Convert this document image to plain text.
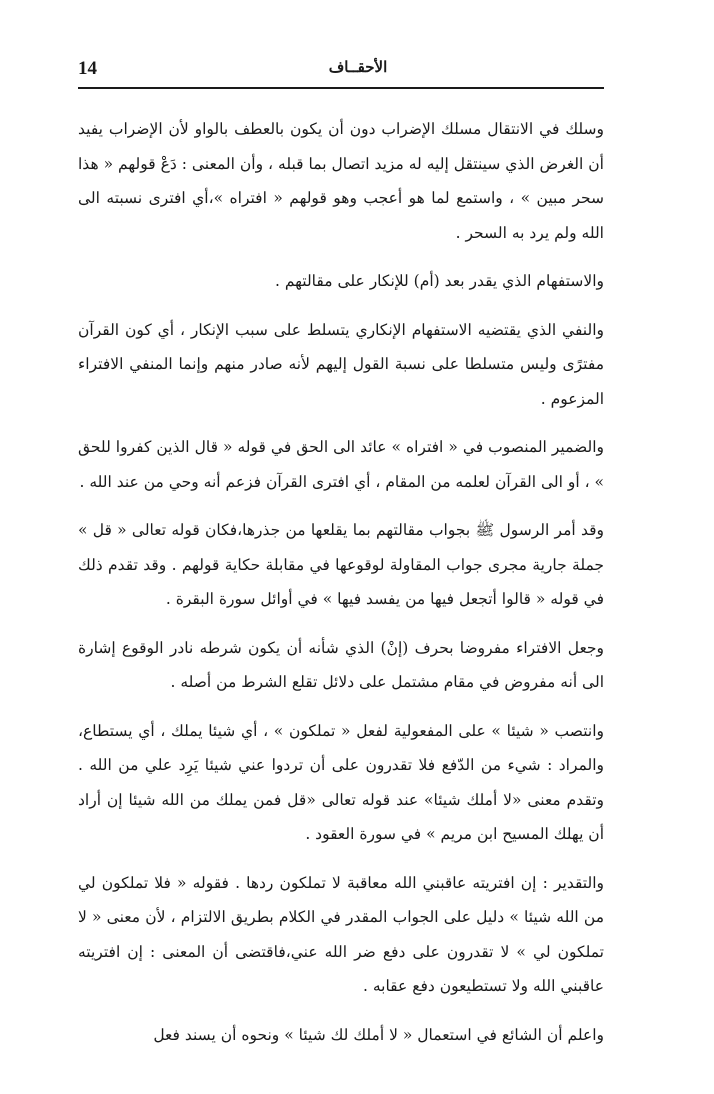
14	الأحقــاف

وسلك في الانتقال مسلك الإضراب دون أن يكون بالعطف بالواو لأن الإضراب يفيد أن الغرض الذي سينتقل إليه له مزيد اتصال بما قبله ، وأن المعنى : دَعْ قولهم « هذا سحر مبين » ، واستمع لما هو أعجب وهو قولهم « افتراه »،أي افترى نسبته الى الله ولم يرد به السحر .

والاستفهام الذي يقدر بعد (أم) للإنكار على مقالتهم .

والنفي الذي يقتضيه الاستفهام الإنكاري يتسلط على سبب الإنكار ، أي كون القرآن مفترًى وليس متسلطا على نسبة القول إليهم لأنه صادر منهم وإنما المنفي الافتراء المزعوم .

والضمير المنصوب في « افتراه » عائد الى الحق في قوله « قال الذين كفروا للحق » ، أو الى القرآن لعلمه من المقام ، أي افترى القرآن فزعم أنه وحي من عند الله .

وقد أمر الرسول ﷺ بجواب مقالتهم بما يقلعها من جذرها،فكان قوله تعالى « قل » جملة جارية مجرى جواب المقاولة لوقوعها في مقابلة حكاية قولهم . وقد تقدم ذلك في قوله « قالوا أتجعل فيها من يفسد فيها » في أوائل سورة البقرة .

وجعل الافتراء مفروضا بحرف (إنْ) الذي شأنه أن يكون شرطه نادر الوقوع إشارة الى أنه مفروض في مقام مشتمل على دلائل تقلع الشرط من أصله .

وانتصب « شيئا » على المفعولية لفعل « تملكون » ، أي شيئا يملك ، أي يستطاع، والمراد : شيء من الدّفع فلا تقدرون على أن تردوا عني شيئا يَرِد علي من الله . وتقدم معنى «لا أملك شيئا» عند قوله تعالى «قل فمن يملك من الله شيئا إن أراد أن يهلك المسيح ابن مريم » في سورة العقود .

والتقدير : إن افتريته عاقبني الله معاقبة لا تملكون ردها . فقوله « فلا تملكون لي من الله شيئا » دليل على الجواب المقدر في الكلام بطريق الالتزام ، لأن معنى « لا تملكون لي » لا تقدرون على دفع ضر الله عني،فاقتضى أن المعنى : إن افتريته عاقبني الله ولا تستطيعون دفع عقابه .

واعلم أن الشائع في استعمال « لا أملك لك شيئا » ونحوه أن يسند فعل
